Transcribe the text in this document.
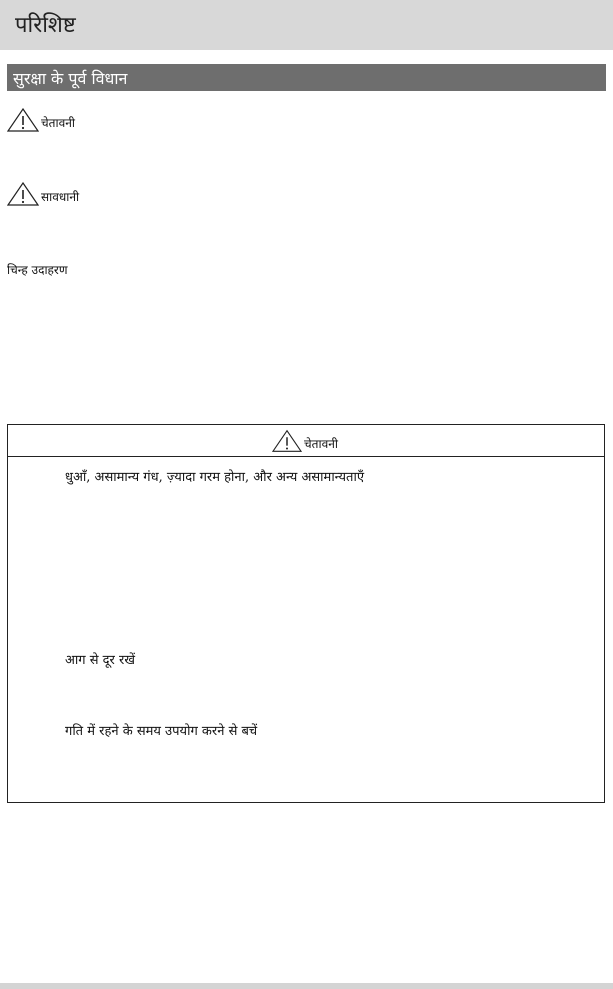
परिशिष्ट
सुरक्षा के पूर्व विधान
चेतावनी
सावधानी
चिन्ह उदाहरण
चेतावनी
धुआँ, असामान्य गंध, ज़्यादा गरम होना, और अन्य असामान्यताएँ
आग से दूर रखें
गति में रहने के समय उपयोग करने से बचें
